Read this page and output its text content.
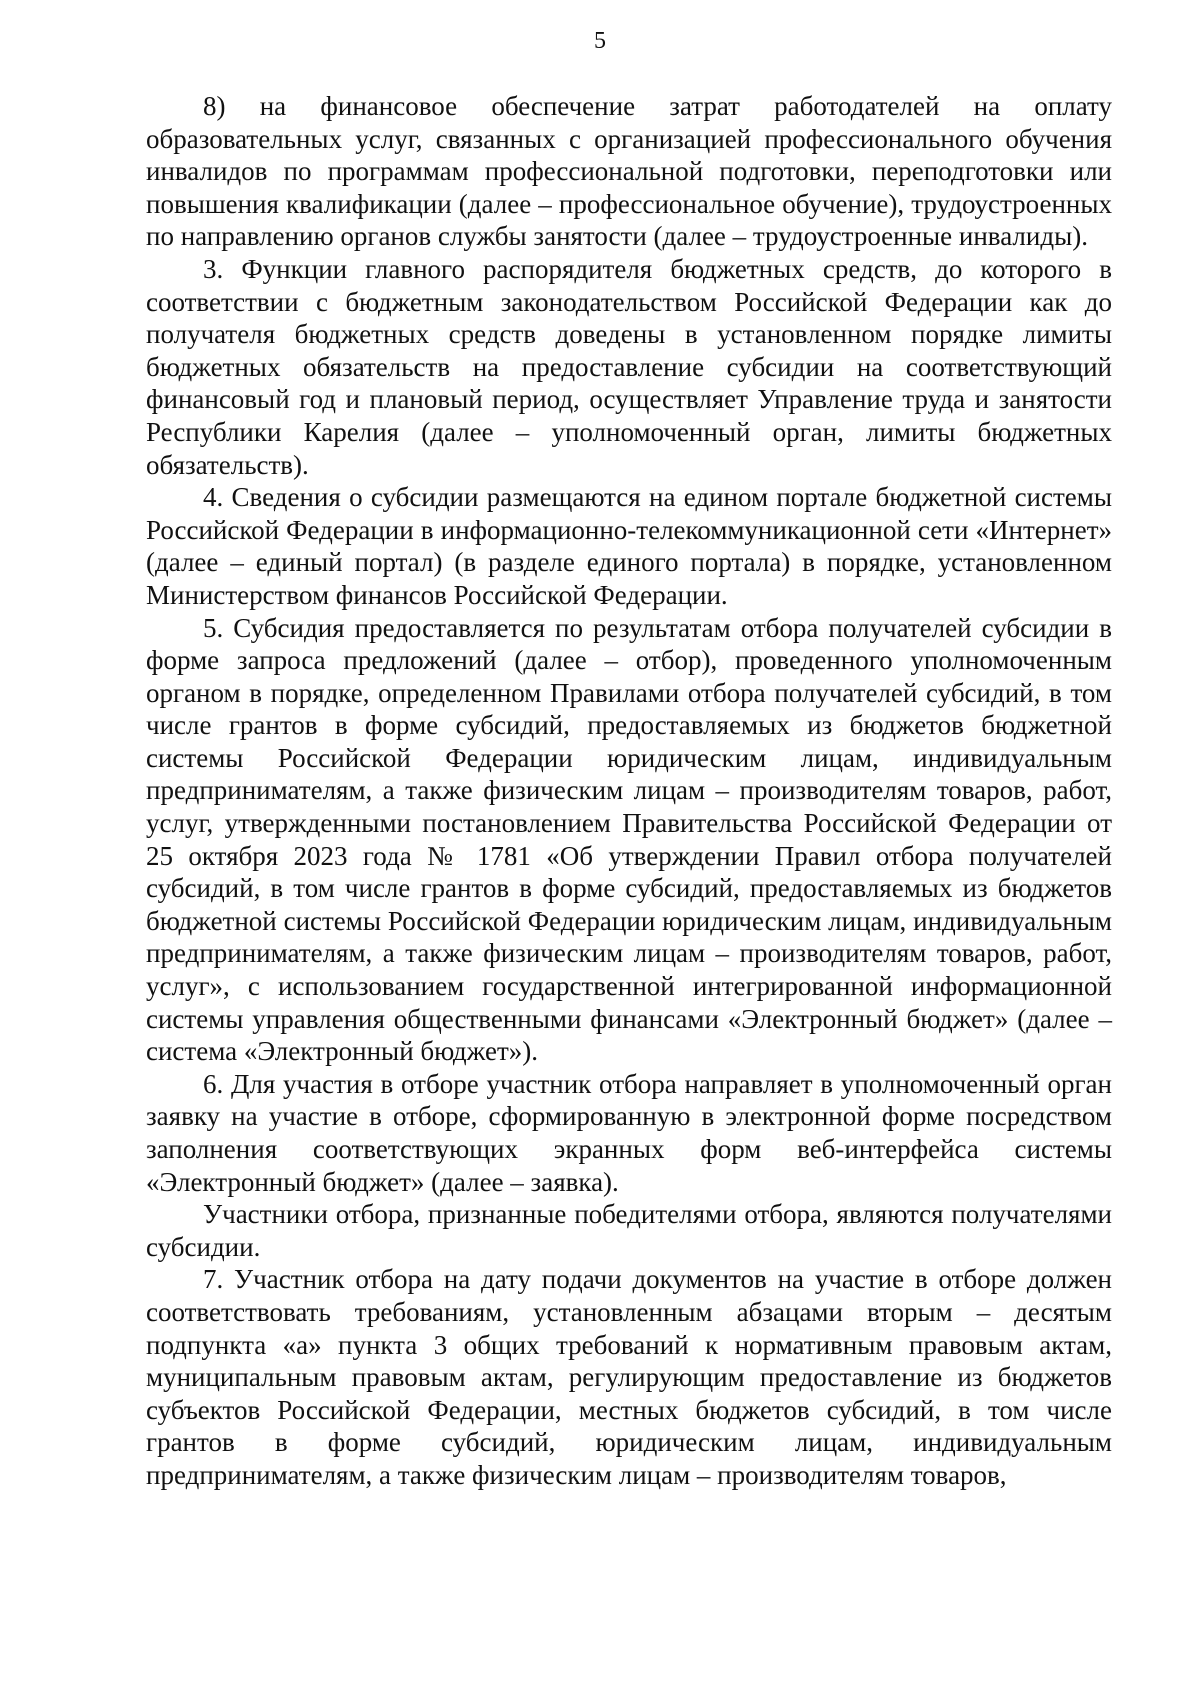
5

8) на финансовое обеспечение затрат работодателей на оплату образовательных услуг, связанных с организацией профессионального обучения инвалидов по программам профессиональной подготовки, переподготовки или повышения квалификации (далее – профессиональное обучение), трудоустроенных по направлению органов службы занятости (далее – трудоустроенные инвалиды).

3. Функции главного распорядителя бюджетных средств, до которого в соответствии с бюджетным законодательством Российской Федерации как до получателя бюджетных средств доведены в установленном порядке лимиты бюджетных обязательств на предоставление субсидии на соответствующий финансовый год и плановый период, осуществляет Управление труда и занятости Республики Карелия (далее – уполномоченный орган, лимиты бюджетных обязательств).

4. Сведения о субсидии размещаются на едином портале бюджетной системы Российской Федерации в информационно-телекоммуникационной сети «Интернет» (далее – единый портал) (в разделе единого портала) в порядке, установленном Министерством финансов Российской Федерации.

5. Субсидия предоставляется по результатам отбора получателей субсидии в форме запроса предложений (далее – отбор), проведенного уполномоченным органом в порядке, определенном Правилами отбора получателей субсидий, в том числе грантов в форме субсидий, предоставляемых из бюджетов бюджетной системы Российской Федерации юридическим лицам, индивидуальным предпринимателям, а также физическим лицам – производителям товаров, работ, услуг, утвержденными постановлением Правительства Российской Федерации от 25 октября 2023 года № 1781 «Об утверждении Правил отбора получателей субсидий, в том числе грантов в форме субсидий, предоставляемых из бюджетов бюджетной системы Российской Федерации юридическим лицам, индивидуальным предпринимателям, а также физическим лицам – производителям товаров, работ, услуг», с использованием государственной интегрированной информационной системы управления общественными финансами «Электронный бюджет» (далее – система «Электронный бюджет»).

6. Для участия в отборе участник отбора направляет в уполномоченный орган заявку на участие в отборе, сформированную в электронной форме посредством заполнения соответствующих экранных форм веб-интерфейса системы «Электронный бюджет» (далее – заявка).

Участники отбора, признанные победителями отбора, являются получателями субсидии.

7. Участник отбора на дату подачи документов на участие в отборе должен соответствовать требованиям, установленным абзацами вторым – десятым подпункта «а» пункта 3 общих требований к нормативным правовым актам, муниципальным правовым актам, регулирующим предоставление из бюджетов субъектов Российской Федерации, местных бюджетов субсидий, в том числе грантов в форме субсидий, юридическим лицам, индивидуальным предпринимателям, а также физическим лицам – производителям товаров,
